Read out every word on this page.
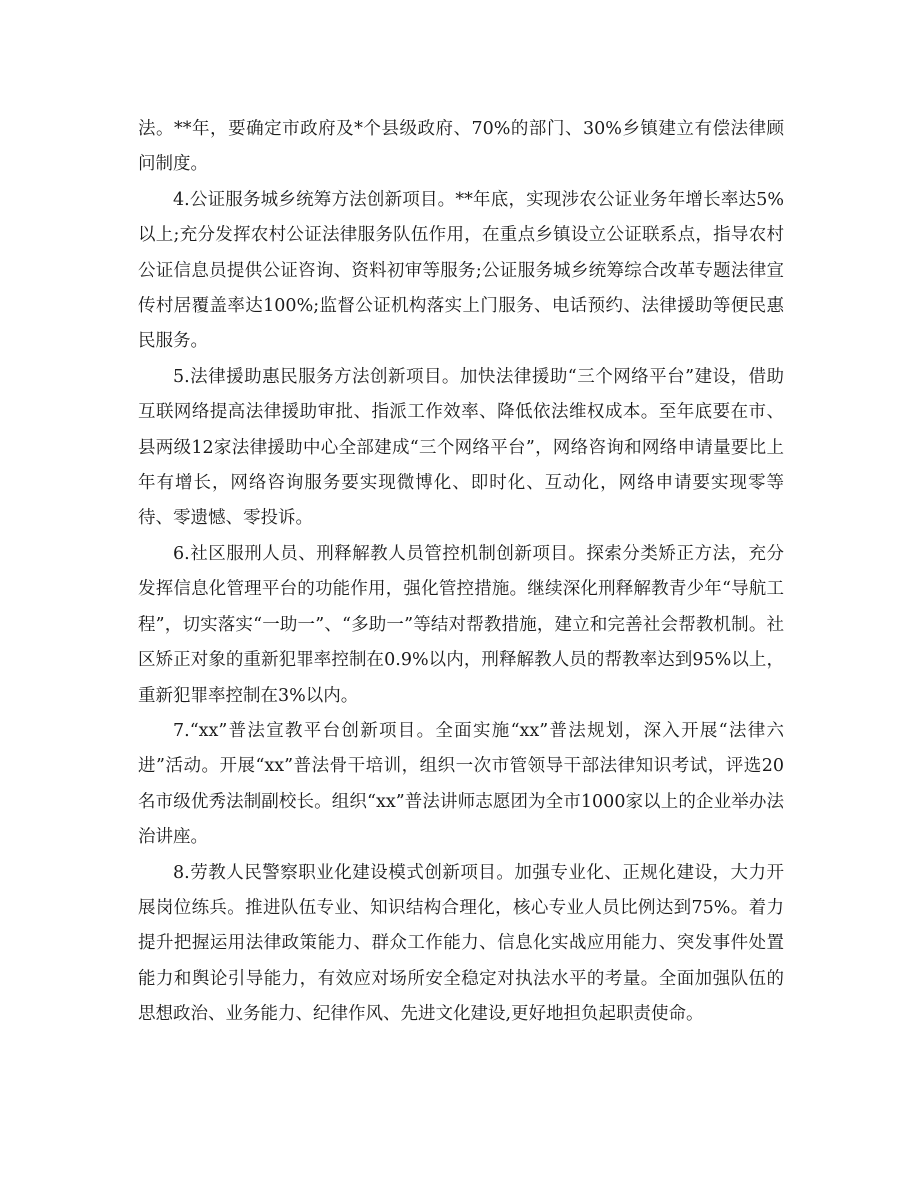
法。**年，要确定市政府及*个县级政府、70%的部门、30%乡镇建立有偿法律顾问制度。

4.公证服务城乡统筹方法创新项目。**年底，实现涉农公证业务年增长率达5%以上;充分发挥农村公证法律服务队伍作用，在重点乡镇设立公证联系点，指导农村公证信息员提供公证咨询、资料初审等服务;公证服务城乡统筹综合改革专题法律宣传村居覆盖率达100%;监督公证机构落实上门服务、电话预约、法律援助等便民惠民服务。

5.法律援助惠民服务方法创新项目。加快法律援助“三个网络平台”建设，借助互联网络提高法律援助审批、指派工作效率、降低依法维权成本。至年底要在市、县两级12家法律援助中心全部建成“三个网络平台”，网络咨询和网络申请量要比上年有增长，网络咨询服务要实现微博化、即时化、互动化，网络申请要实现零等待、零遗憾、零投诉。

6.社区服刑人员、刑释解教人员管控机制创新项目。探索分类矫正方法，充分发挥信息化管理平台的功能作用，强化管控措施。继续深化刑释解教青少年“导航工程”，切实落实“一助一”、“多助一”等结对帮教措施，建立和完善社会帮教机制。社区矫正对象的重新犯罪率控制在0.9%以内，刑释解教人员的帮教率达到95%以上，重新犯罪率控制在3%以内。

7.“xx”普法宣教平台创新项目。全面实施“xx”普法规划，深入开展“法律六进”活动。开展“xx”普法骨干培训，组织一次市管领导干部法律知识考试，评选20名市级优秀法制副校长。组织“xx”普法讲师志愿团为全市1000家以上的企业举办法治讲座。

8.劳教人民警察职业化建设模式创新项目。加强专业化、正规化建设，大力开展岗位练兵。推进队伍专业、知识结构合理化，核心专业人员比例达到75%。着力提升把握运用法律政策能力、群众工作能力、信息化实战应用能力、突发事件处置能力和舆论引导能力，有效应对场所安全稳定对执法水平的考量。全面加强队伍的思想政治、业务能力、纪律作风、先进文化建设,更好地担负起职责使命。
